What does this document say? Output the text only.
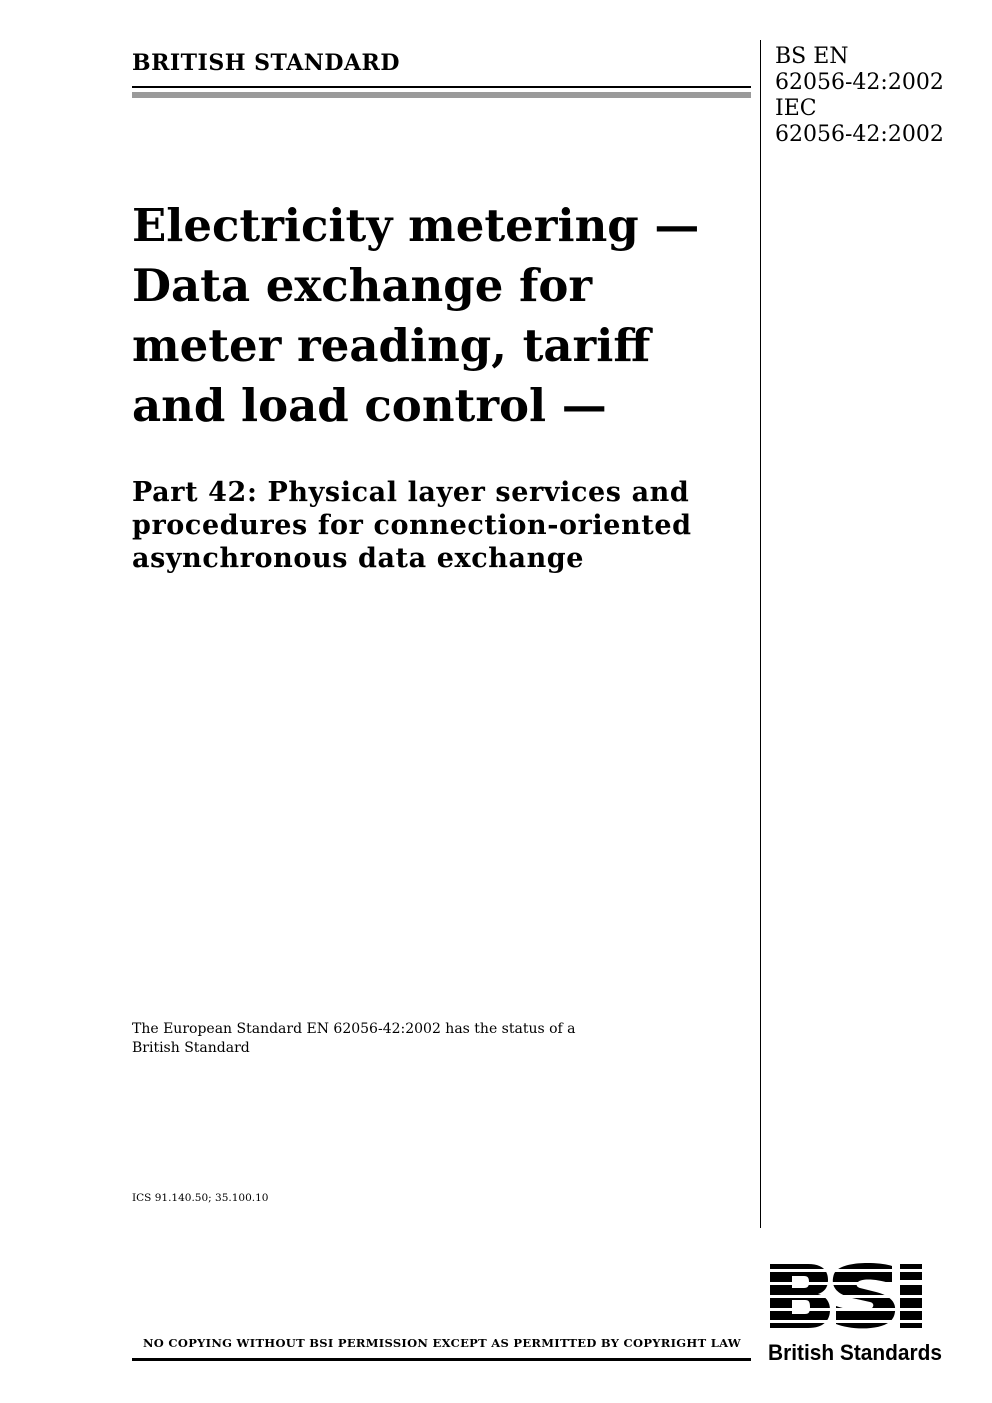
BRITISH STANDARD	BS EN
62056-42:2002
IEC
62056-42:2002
Electricity metering —
Data exchange for
meter reading, tariff
and load control —
Part 42: Physical layer services and
procedures for connection-oriented
asynchronous data exchange

The European Standard EN 62056-42:2002 has the status of a
British Standard

ICS 91.140.50; 35.100.10

NO COPYING WITHOUT BSI PERMISSION EXCEPT AS PERMITTED BY COPYRIGHT LAW	British Standards
